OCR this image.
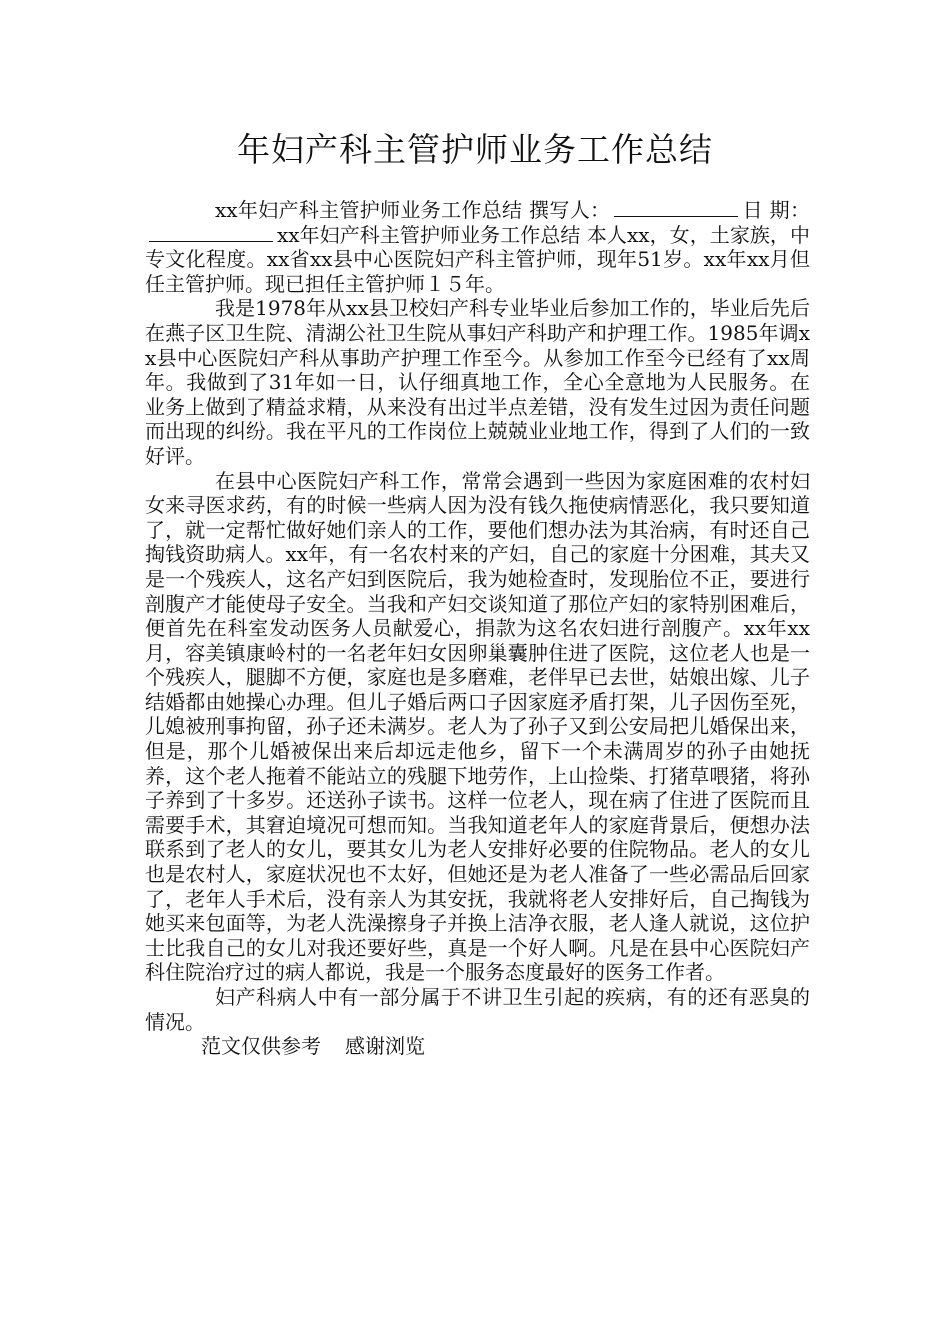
年妇产科主管护师业务工作总结

xx年妇产科主管护师业务工作总结 撰写人：	日 期：xx年妇产科主管护师业务工作总结 本人xx，女，土家族，中专文化程度。xx省xx县中心医院妇产科主管护师，现年51岁。xx年xx月但任主管护师。现已担任主管护师１５年。

我是1978年从xx县卫校妇产科专业毕业后参加工作的，毕业后先后在燕子区卫生院、清湖公社卫生院从事妇产科助产和护理工作。1985年调xx县中心医院妇产科从事助产护理工作至今。从参加工作至今已经有了xx周年。我做到了31年如一日，认仔细真地工作，全心全意地为人民服务。在业务上做到了精益求精，从来没有出过半点差错，没有发生过因为责任问题而出现的纠纷。我在平凡的工作岗位上兢兢业业地工作，得到了人们的一致好评。

在县中心医院妇产科工作，常常会遇到一些因为家庭困难的农村妇女来寻医求药，有的时候一些病人因为没有钱久拖使病情恶化，我只要知道了，就一定帮忙做好她们亲人的工作，要他们想办法为其治病，有时还自己掏钱资助病人。xx年，有一名农村来的产妇，自己的家庭十分困难，其夫又是一个残疾人，这名产妇到医院后，我为她检查时，发现胎位不正，要进行剖腹产才能使母子安全。当我和产妇交谈知道了那位产妇的家特别困难后，便首先在科室发动医务人员献爱心，捐款为这名农妇进行剖腹产。xx年xx月，容美镇康岭村的一名老年妇女因卵巢囊肿住进了医院，这位老人也是一个残疾人，腿脚不方便，家庭也是多磨难，老伴早已去世，姑娘出嫁、儿子结婚都由她操心办理。但儿子婚后两口子因家庭矛盾打架，儿子因伤至死，儿媳被刑事拘留，孙子还未满岁。老人为了孙子又到公安局把儿婚保出来，但是，那个儿婚被保出来后却远走他乡，留下一个未满周岁的孙子由她抚养，这个老人拖着不能站立的残腿下地劳作，上山捡柴、打猪草喂猪，将孙子养到了十多岁。还送孙子读书。这样一位老人，现在病了住进了医院而且需要手术，其窘迫境况可想而知。当我知道老年人的家庭背景后，便想办法联系到了老人的女儿，要其女儿为老人安排好必要的住院物品。老人的女儿也是农村人，家庭状况也不太好，但她还是为老人准备了一些必需品后回家了，老年人手术后，没有亲人为其安抚，我就将老人安排好后，自己掏钱为她买来包面等，为老人洗澡擦身子并换上洁净衣服，老人逢人就说，这位护士比我自己的女儿对我还要好些，真是一个好人啊。凡是在县中心医院妇产科住院治疗过的病人都说，我是一个服务态度最好的医务工作者。

妇产科病人中有一部分属于不讲卫生引起的疾病，有的还有恶臭的情况。

范文仅供参考 感谢浏览
